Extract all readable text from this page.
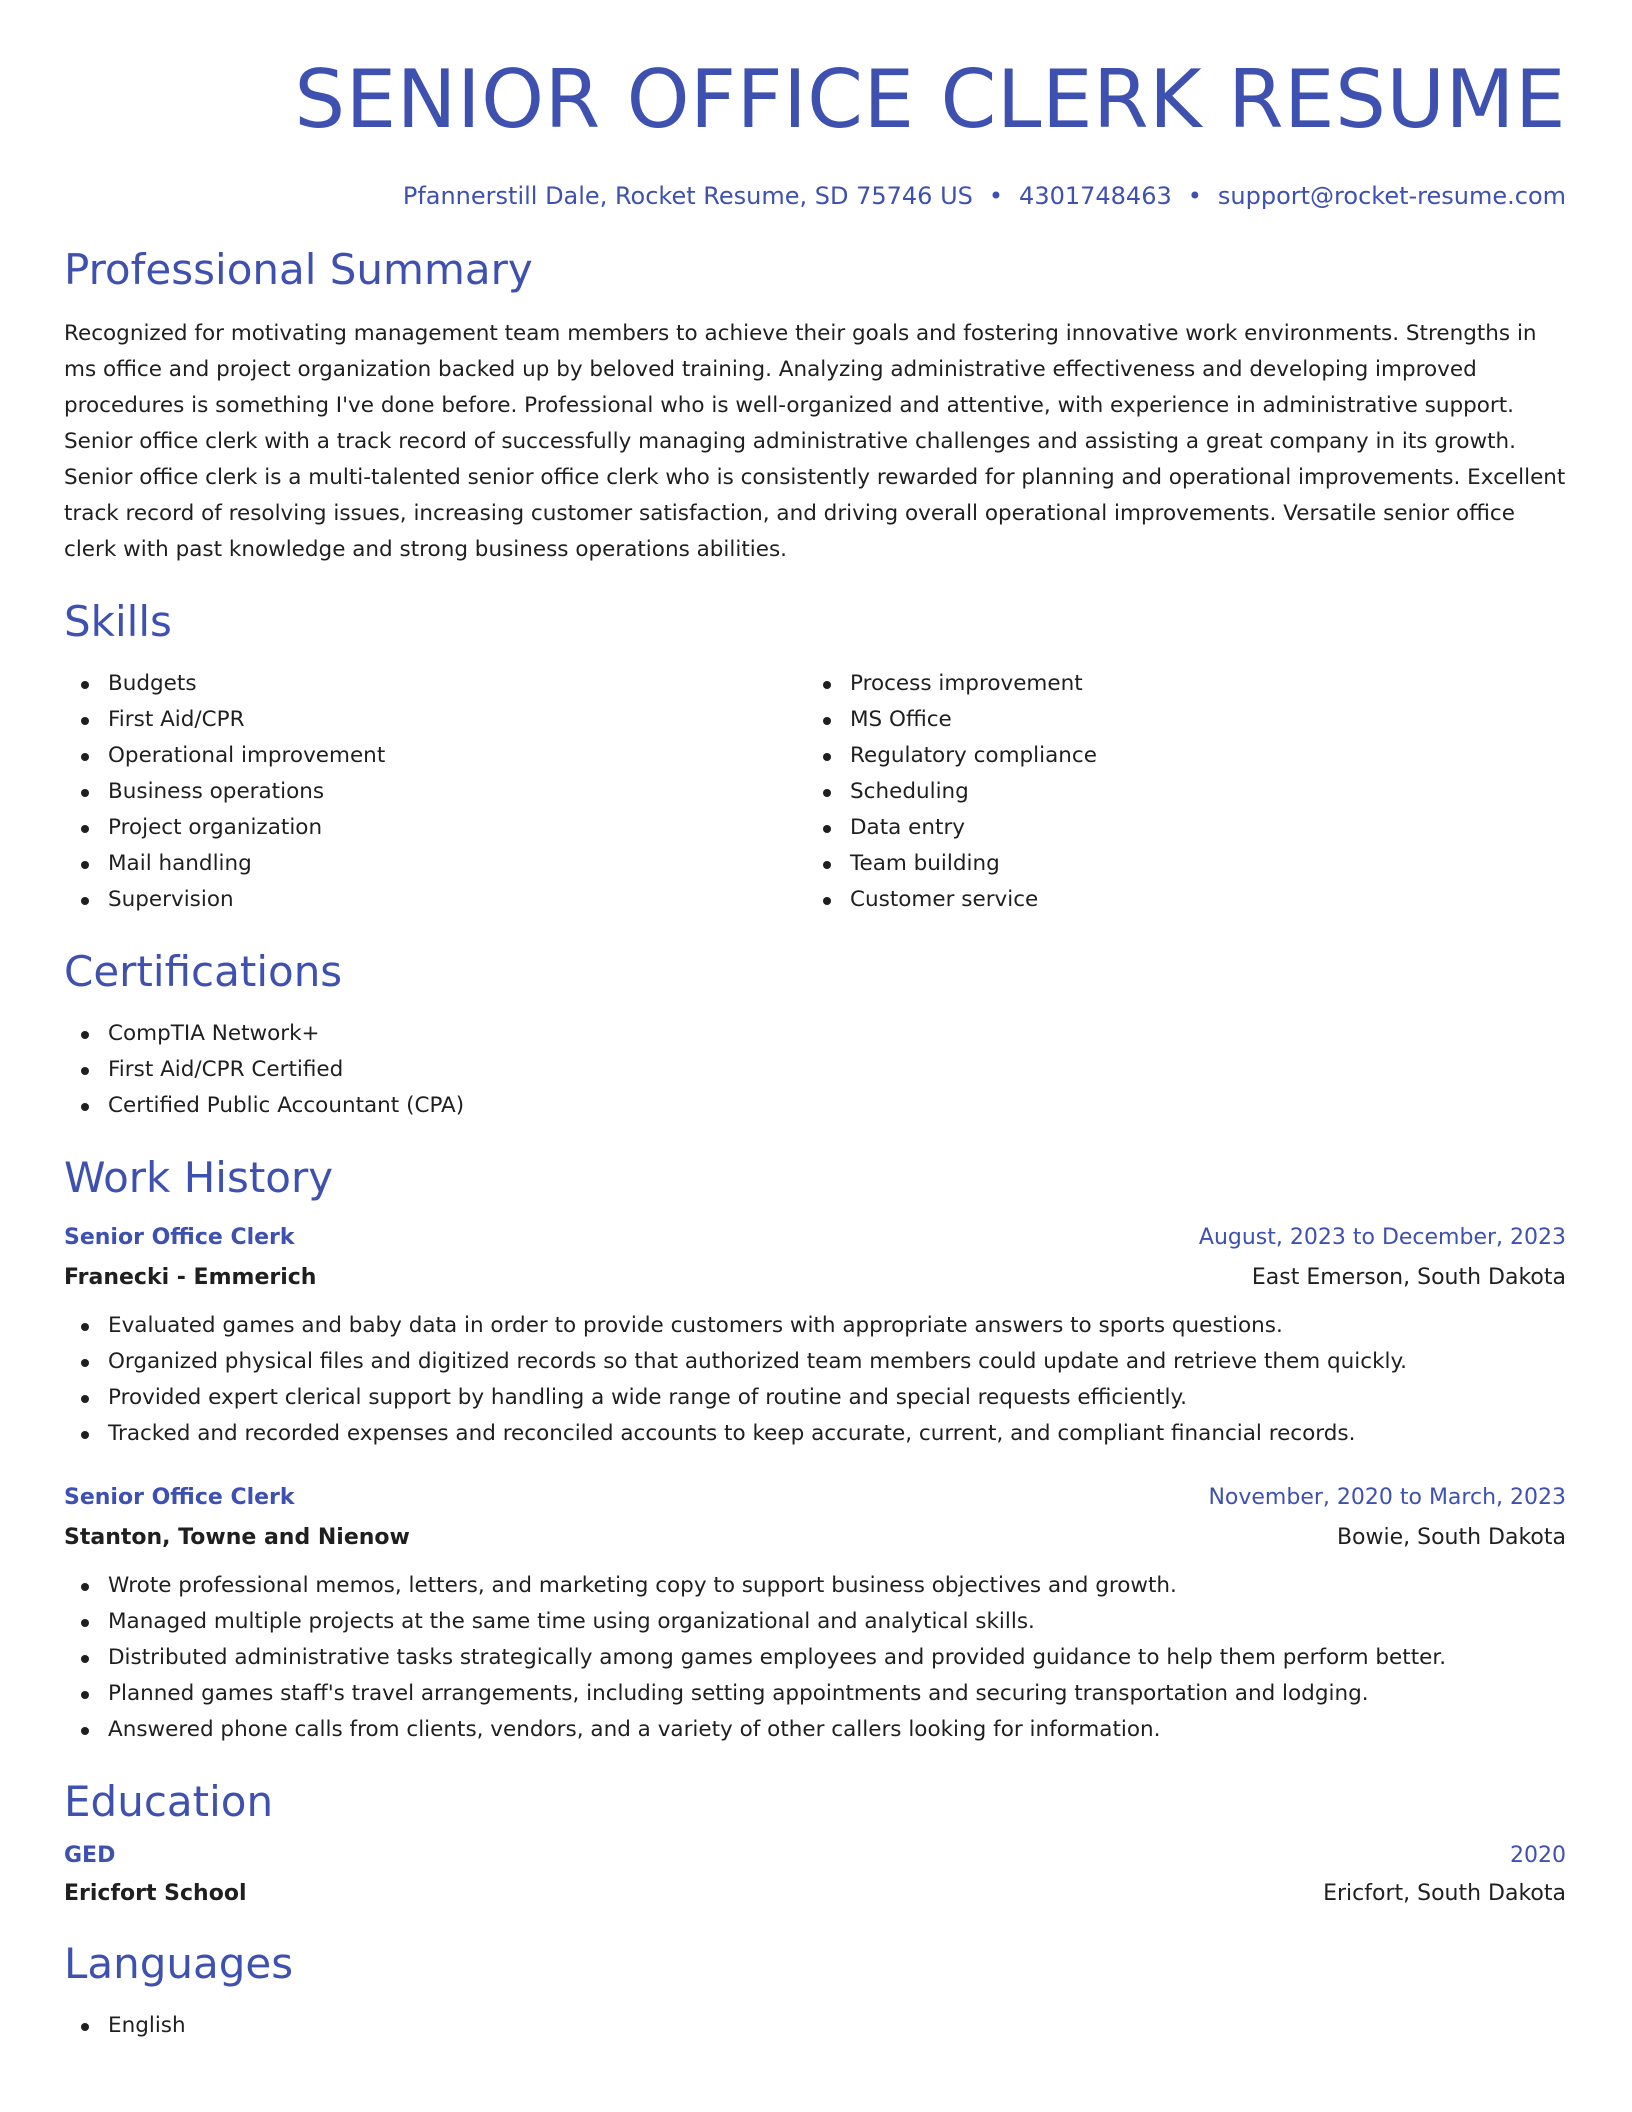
SENIOR OFFICE CLERK RESUME
Pfannerstill Dale, Rocket Resume, SD 75746 US • 4301748463 • support@rocket-resume.com
Professional Summary

Recognized for motivating management team members to achieve their goals and fostering innovative work environments. Strengths in ms office and project organization backed up by beloved training. Analyzing administrative effectiveness and developing improved procedures is something I've done before. Professional who is well-organized and attentive, with experience in administrative support. Senior office clerk with a track record of successfully managing administrative challenges and assisting a great company in its growth. Senior office clerk is a multi-talented senior office clerk who is consistently rewarded for planning and operational improvements. Excellent track record of resolving issues, increasing customer satisfaction, and driving overall operational improvements. Versatile senior office clerk with past knowledge and strong business operations abilities.

Skills
Budgets
First Aid/CPR
Operational improvement
Business operations
Project organization
Mail handling
Supervision
Process improvement
MS Office
Regulatory compliance
Scheduling
Data entry
Team building
Customer service
Certifications
CompTIA Network+
First Aid/CPR Certified
Certified Public Accountant (CPA)
Work History
Senior Office Clerk	August, 2023 to December, 2023
Franecki - Emmerich	East Emerson, South Dakota
Evaluated games and baby data in order to provide customers with appropriate answers to sports questions.
Organized physical files and digitized records so that authorized team members could update and retrieve them quickly.
Provided expert clerical support by handling a wide range of routine and special requests efficiently.
Tracked and recorded expenses and reconciled accounts to keep accurate, current, and compliant financial records.
Senior Office Clerk	November, 2020 to March, 2023
Stanton, Towne and Nienow	Bowie, South Dakota
Wrote professional memos, letters, and marketing copy to support business objectives and growth.
Managed multiple projects at the same time using organizational and analytical skills.
Distributed administrative tasks strategically among games employees and provided guidance to help them perform better.
Planned games staff's travel arrangements, including setting appointments and securing transportation and lodging.
Answered phone calls from clients, vendors, and a variety of other callers looking for information.
Education
GED	2020
Ericfort School	Ericfort, South Dakota
Languages
English
